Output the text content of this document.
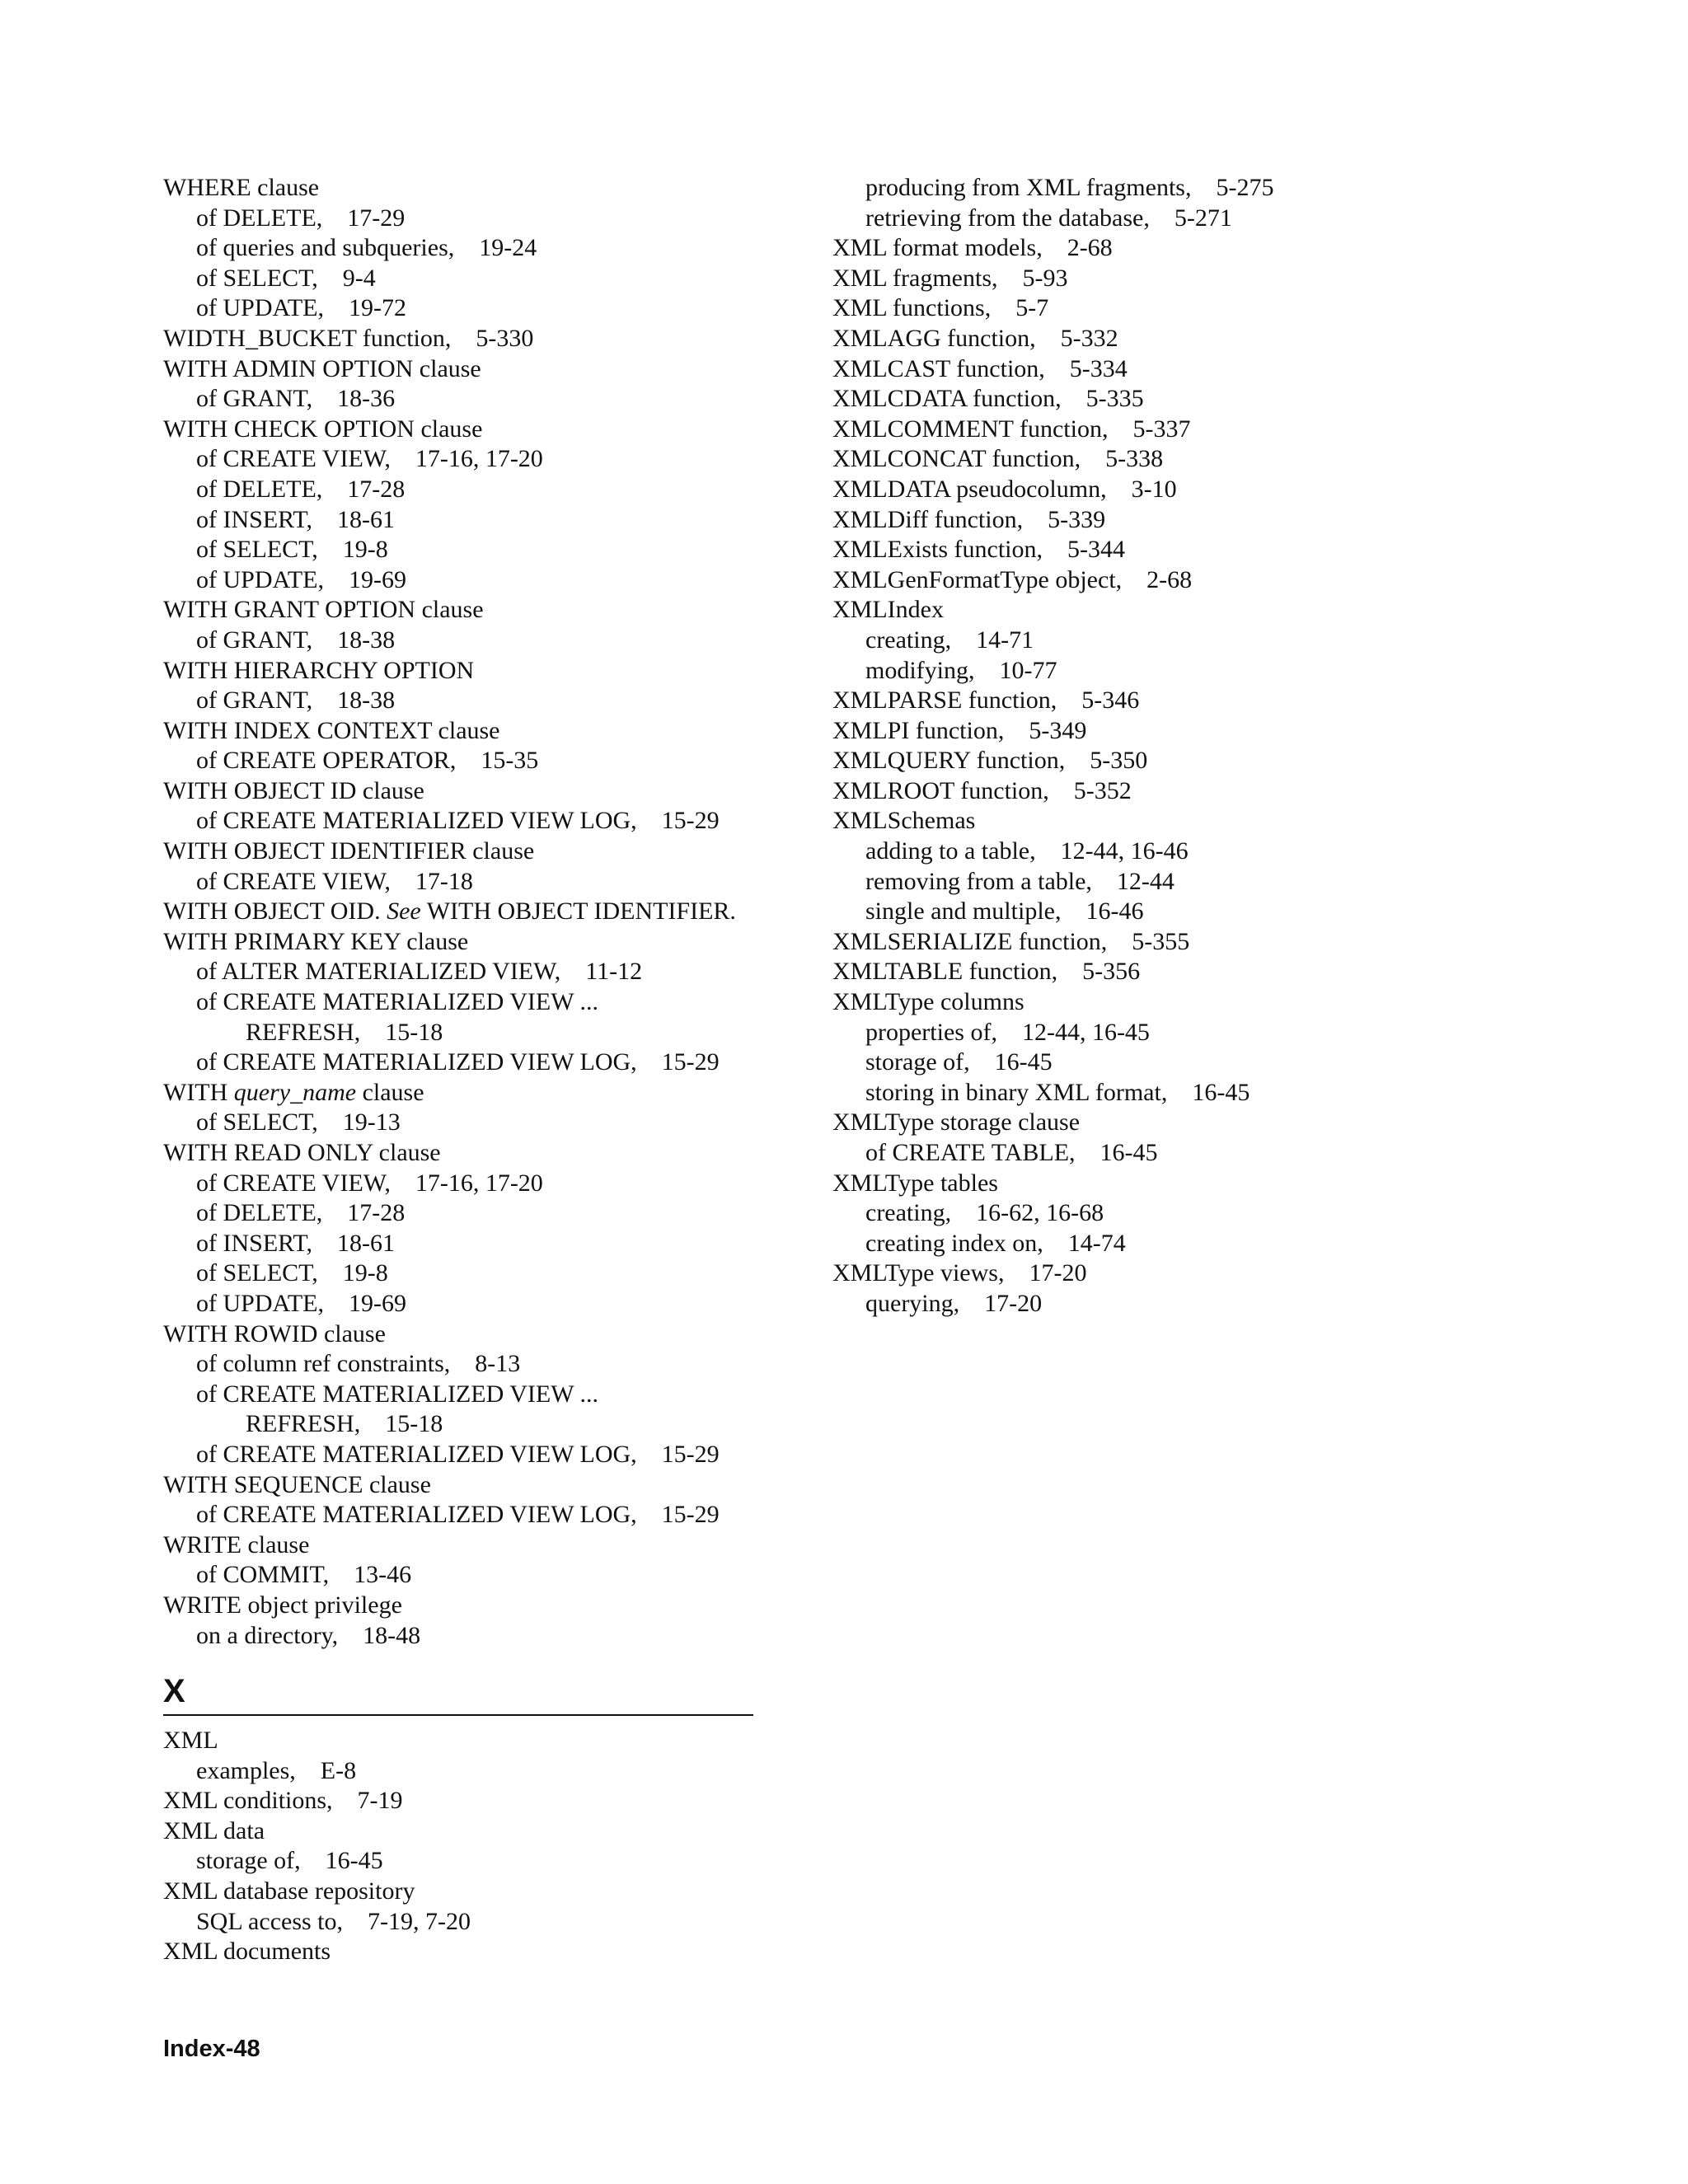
WHERE clause
of DELETE ,    17-29
of queries and subqueries ,    19-24
of SELECT ,    9-4
of UPDATE ,    19-72
WIDTH_BUCKET function ,    5-330
WITH ADMIN OPTION clause
of GRANT ,    18-36
WITH CHECK OPTION clause
of CREATE VIEW ,    17-16, 17-20
of DELETE ,    17-28
of INSERT ,    18-61
of SELECT ,    19-8
of UPDATE ,    19-69
WITH GRANT OPTION clause
of GRANT ,    18-38
WITH HIERARCHY OPTION
of GRANT ,    18-38
WITH INDEX CONTEXT clause
of CREATE OPERATOR ,    15-35
WITH OBJECT ID clause
of CREATE MATERIALIZED VIEW LOG ,    15-29
WITH OBJECT IDENTIFIER clause
of CREATE VIEW ,    17-18
WITH OBJECT OID. See WITH OBJECT IDENTIFIER.
WITH PRIMARY KEY clause
of ALTER MATERIALIZED VIEW ,    11-12
of CREATE MATERIALIZED VIEW ...
REFRESH ,    15-18
of CREATE MATERIALIZED VIEW LOG ,    15-29
WITH query_name clause
of SELECT ,    19-13
WITH READ ONLY clause
of CREATE VIEW ,    17-16, 17-20
of DELETE ,    17-28
of INSERT ,    18-61
of SELECT ,    19-8
of UPDATE ,    19-69
WITH ROWID clause
of column ref constraints ,    8-13
of CREATE MATERIALIZED VIEW ...
REFRESH ,    15-18
of CREATE MATERIALIZED VIEW LOG ,    15-29
WITH SEQUENCE clause
of CREATE MATERIALIZED VIEW LOG ,    15-29
WRITE clause
of COMMIT ,    13-46
WRITE object privilege
on a directory ,    18-48
X
XML
examples ,    E-8
XML conditions ,    7-19
XML data
storage of ,    16-45
XML database repository
SQL access to ,    7-19, 7-20
XML documents
producing from XML fragments ,    5-275
retrieving from the database ,    5-271
XML format models ,    2-68
XML fragments ,    5-93
XML functions ,    5-7
XMLAGG function ,    5-332
XMLCAST function ,    5-334
XMLCDATA function ,    5-335
XMLCOMMENT function ,    5-337
XMLCONCAT function ,    5-338
XMLDATA pseudocolumn ,    3-10
XMLDiff function ,    5-339
XMLExists function ,    5-344
XMLGenFormatType object ,    2-68
XMLIndex
creating ,    14-71
modifying ,    10-77
XMLPARSE function ,    5-346
XMLPI function ,    5-349
XMLQUERY function ,    5-350
XMLROOT function ,    5-352
XMLSchemas
adding to a table ,    12-44, 16-46
removing from a table ,    12-44
single and multiple ,    16-46
XMLSERIALIZE function ,    5-355
XMLTABLE function ,    5-356
XMLType columns
properties of ,    12-44, 16-45
storage of ,    16-45
storing in binary XML format ,    16-45
XMLType storage clause
of CREATE TABLE ,    16-45
XMLType tables
creating ,    16-62, 16-68
creating index on ,    14-74
XMLType views ,    17-20
querying ,    17-20
Index-48
